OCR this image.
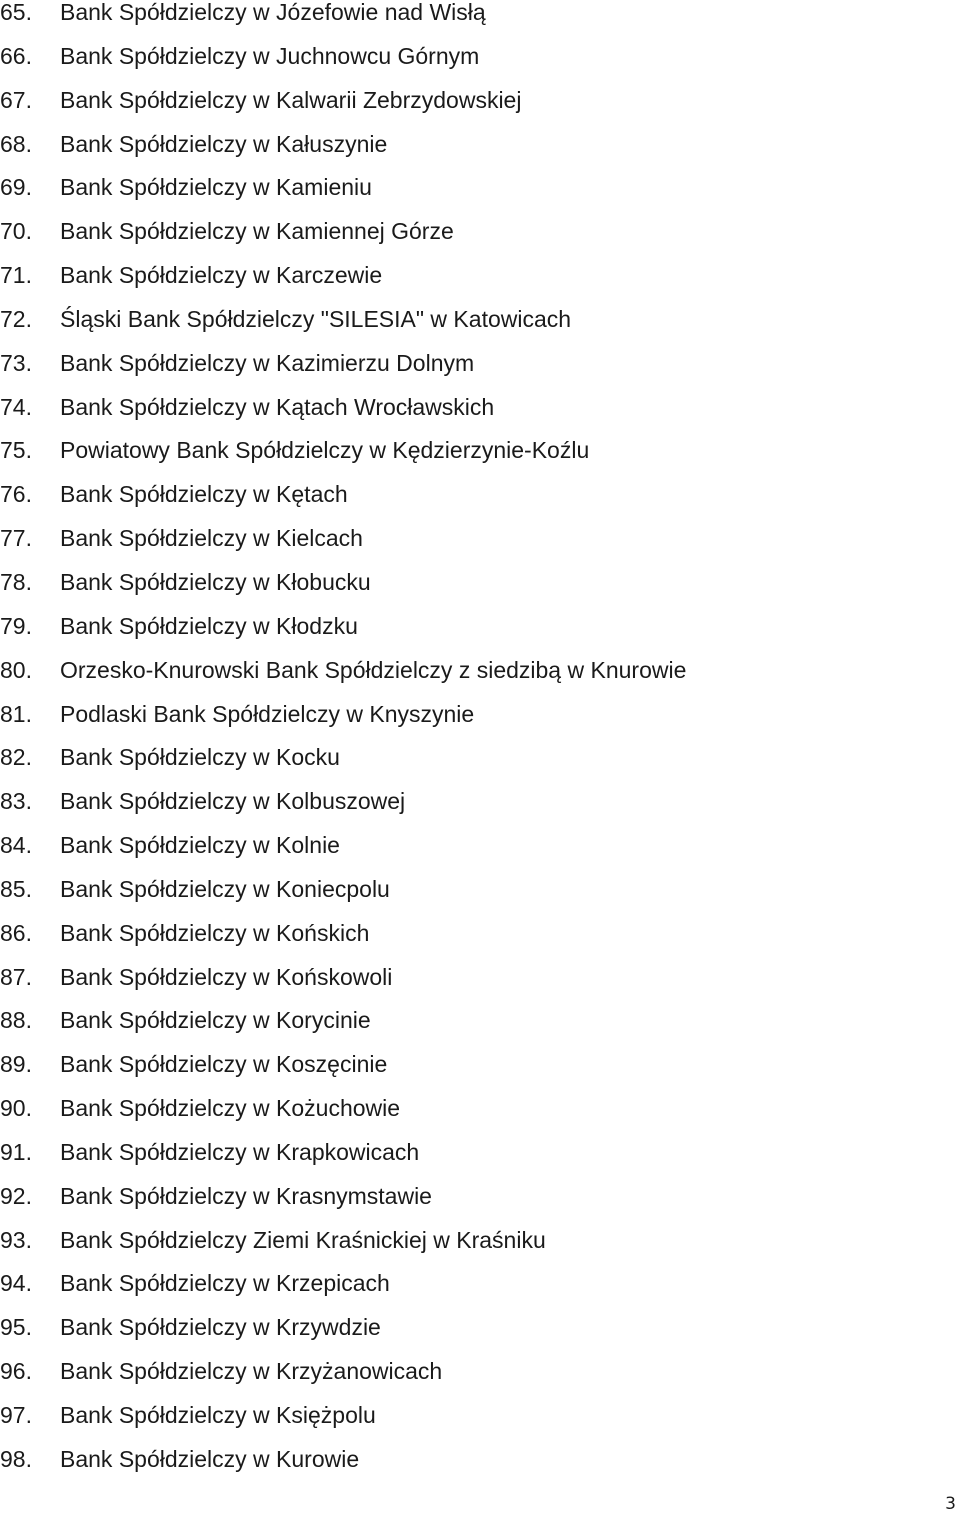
65. Bank Spółdzielczy w Józefowie nad Wisłą
66. Bank Spółdzielczy w Juchnowcu Górnym
67. Bank Spółdzielczy w Kalwarii Zebrzydowskiej
68. Bank Spółdzielczy w Kałuszynie
69. Bank Spółdzielczy w Kamieniu
70. Bank Spółdzielczy w Kamiennej Górze
71. Bank Spółdzielczy w Karczewie
72. Śląski Bank Spółdzielczy "SILESIA" w Katowicach
73. Bank Spółdzielczy w Kazimierzu Dolnym
74. Bank Spółdzielczy w Kątach Wrocławskich
75. Powiatowy Bank Spółdzielczy w Kędzierzynie-Koźlu
76. Bank Spółdzielczy w Kętach
77. Bank Spółdzielczy w Kielcach
78. Bank Spółdzielczy w Kłobucku
79. Bank Spółdzielczy w Kłodzku
80. Orzesko-Knurowski Bank Spółdzielczy z siedzibą w Knurowie
81. Podlaski Bank Spółdzielczy w Knyszynie
82. Bank Spółdzielczy w Kocku
83. Bank Spółdzielczy w Kolbuszowej
84. Bank Spółdzielczy w Kolnie
85. Bank Spółdzielczy w Koniecpolu
86. Bank Spółdzielczy w Końskich
87. Bank Spółdzielczy w Końskowoli
88. Bank Spółdzielczy w Korycinie
89. Bank Spółdzielczy w Koszęcinie
90. Bank Spółdzielczy w Kożuchowie
91. Bank Spółdzielczy w Krapkowicach
92. Bank Spółdzielczy w Krasnymstawie
93. Bank Spółdzielczy Ziemi Kraśnickiej w Kraśniku
94. Bank Spółdzielczy w Krzepicach
95. Bank Spółdzielczy w Krzywdzie
96. Bank Spółdzielczy w Krzyżanowicach
97. Bank Spółdzielczy w Księżpolu
98. Bank Spółdzielczy w Kurowie
3
